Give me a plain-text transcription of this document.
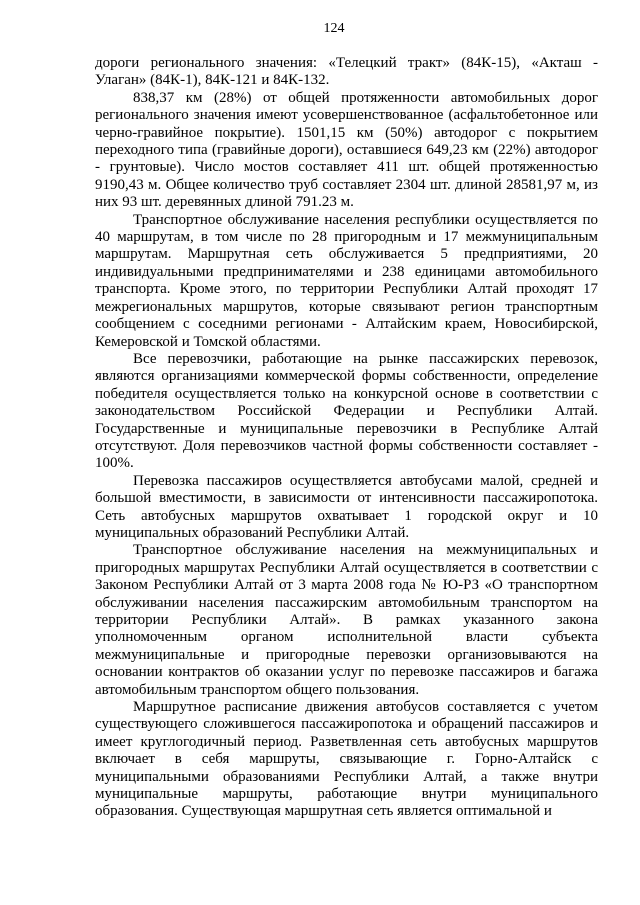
124

дороги регионального значения: «Телецкий тракт» (84К-15), «Акташ - Улаган» (84К-1), 84К-121 и 84К-132.

838,37 км (28%) от общей протяженности автомобильных дорог регионального значения имеют усовершенствованное (асфальтобетонное или черно-гравийное покрытие). 1501,15 км (50%) автодорог с покрытием переходного типа (гравийные дороги), оставшиеся 649,23 км (22%) автодорог - грунтовые). Число мостов составляет 411 шт. общей протяженностью 9190,43 м. Общее количество труб составляет 2304 шт. длиной 28581,97 м, из них 93 шт. деревянных длиной 791.23 м.

Транспортное обслуживание населения республики осуществляется по 40 маршрутам, в том числе по 28 пригородным и 17 межмуниципальным маршрутам. Маршрутная сеть обслуживается 5 предприятиями, 20 индивидуальными предпринимателями и 238 единицами автомобильного транспорта. Кроме этого, по территории Республики Алтай проходят 17 межрегиональных маршрутов, которые связывают регион транспортным сообщением с соседними регионами - Алтайским краем, Новосибирской, Кемеровской и Томской областями.

Все перевозчики, работающие на рынке пассажирских перевозок, являются организациями коммерческой формы собственности, определение победителя осуществляется только на конкурсной основе в соответствии с законодательством Российской Федерации и Республики Алтай. Государственные и муниципальные перевозчики в Республике Алтай отсутствуют. Доля перевозчиков частной формы собственности составляет - 100%.

Перевозка пассажиров осуществляется автобусами малой, средней и большой вместимости, в зависимости от интенсивности пассажиропотока. Сеть автобусных маршрутов охватывает 1 городской округ и 10 муниципальных образований Республики Алтай.

Транспортное обслуживание населения на межмуниципальных и пригородных маршрутах Республики Алтай осуществляется в соответствии с Законом Республики Алтай от 3 марта 2008 года № Ю-РЗ «О транспортном обслуживании населения пассажирским автомобильным транспортом на территории Республики Алтай». В рамках указанного закона уполномоченным органом исполнительной власти субъекта межмуниципальные и пригородные перевозки организовываются на основании контрактов об оказании услуг по перевозке пассажиров и багажа автомобильным транспортом общего пользования.

Маршрутное расписание движения автобусов составляется с учетом существующего сложившегося пассажиропотока и обращений пассажиров и имеет круглогодичный период. Разветвленная сеть автобусных маршрутов включает в себя маршруты, связывающие г. Горно-Алтайск с муниципальными образованиями Республики Алтай, а также внутри муниципальные маршруты, работающие внутри муниципального образования. Существующая маршрутная сеть является оптимальной и
